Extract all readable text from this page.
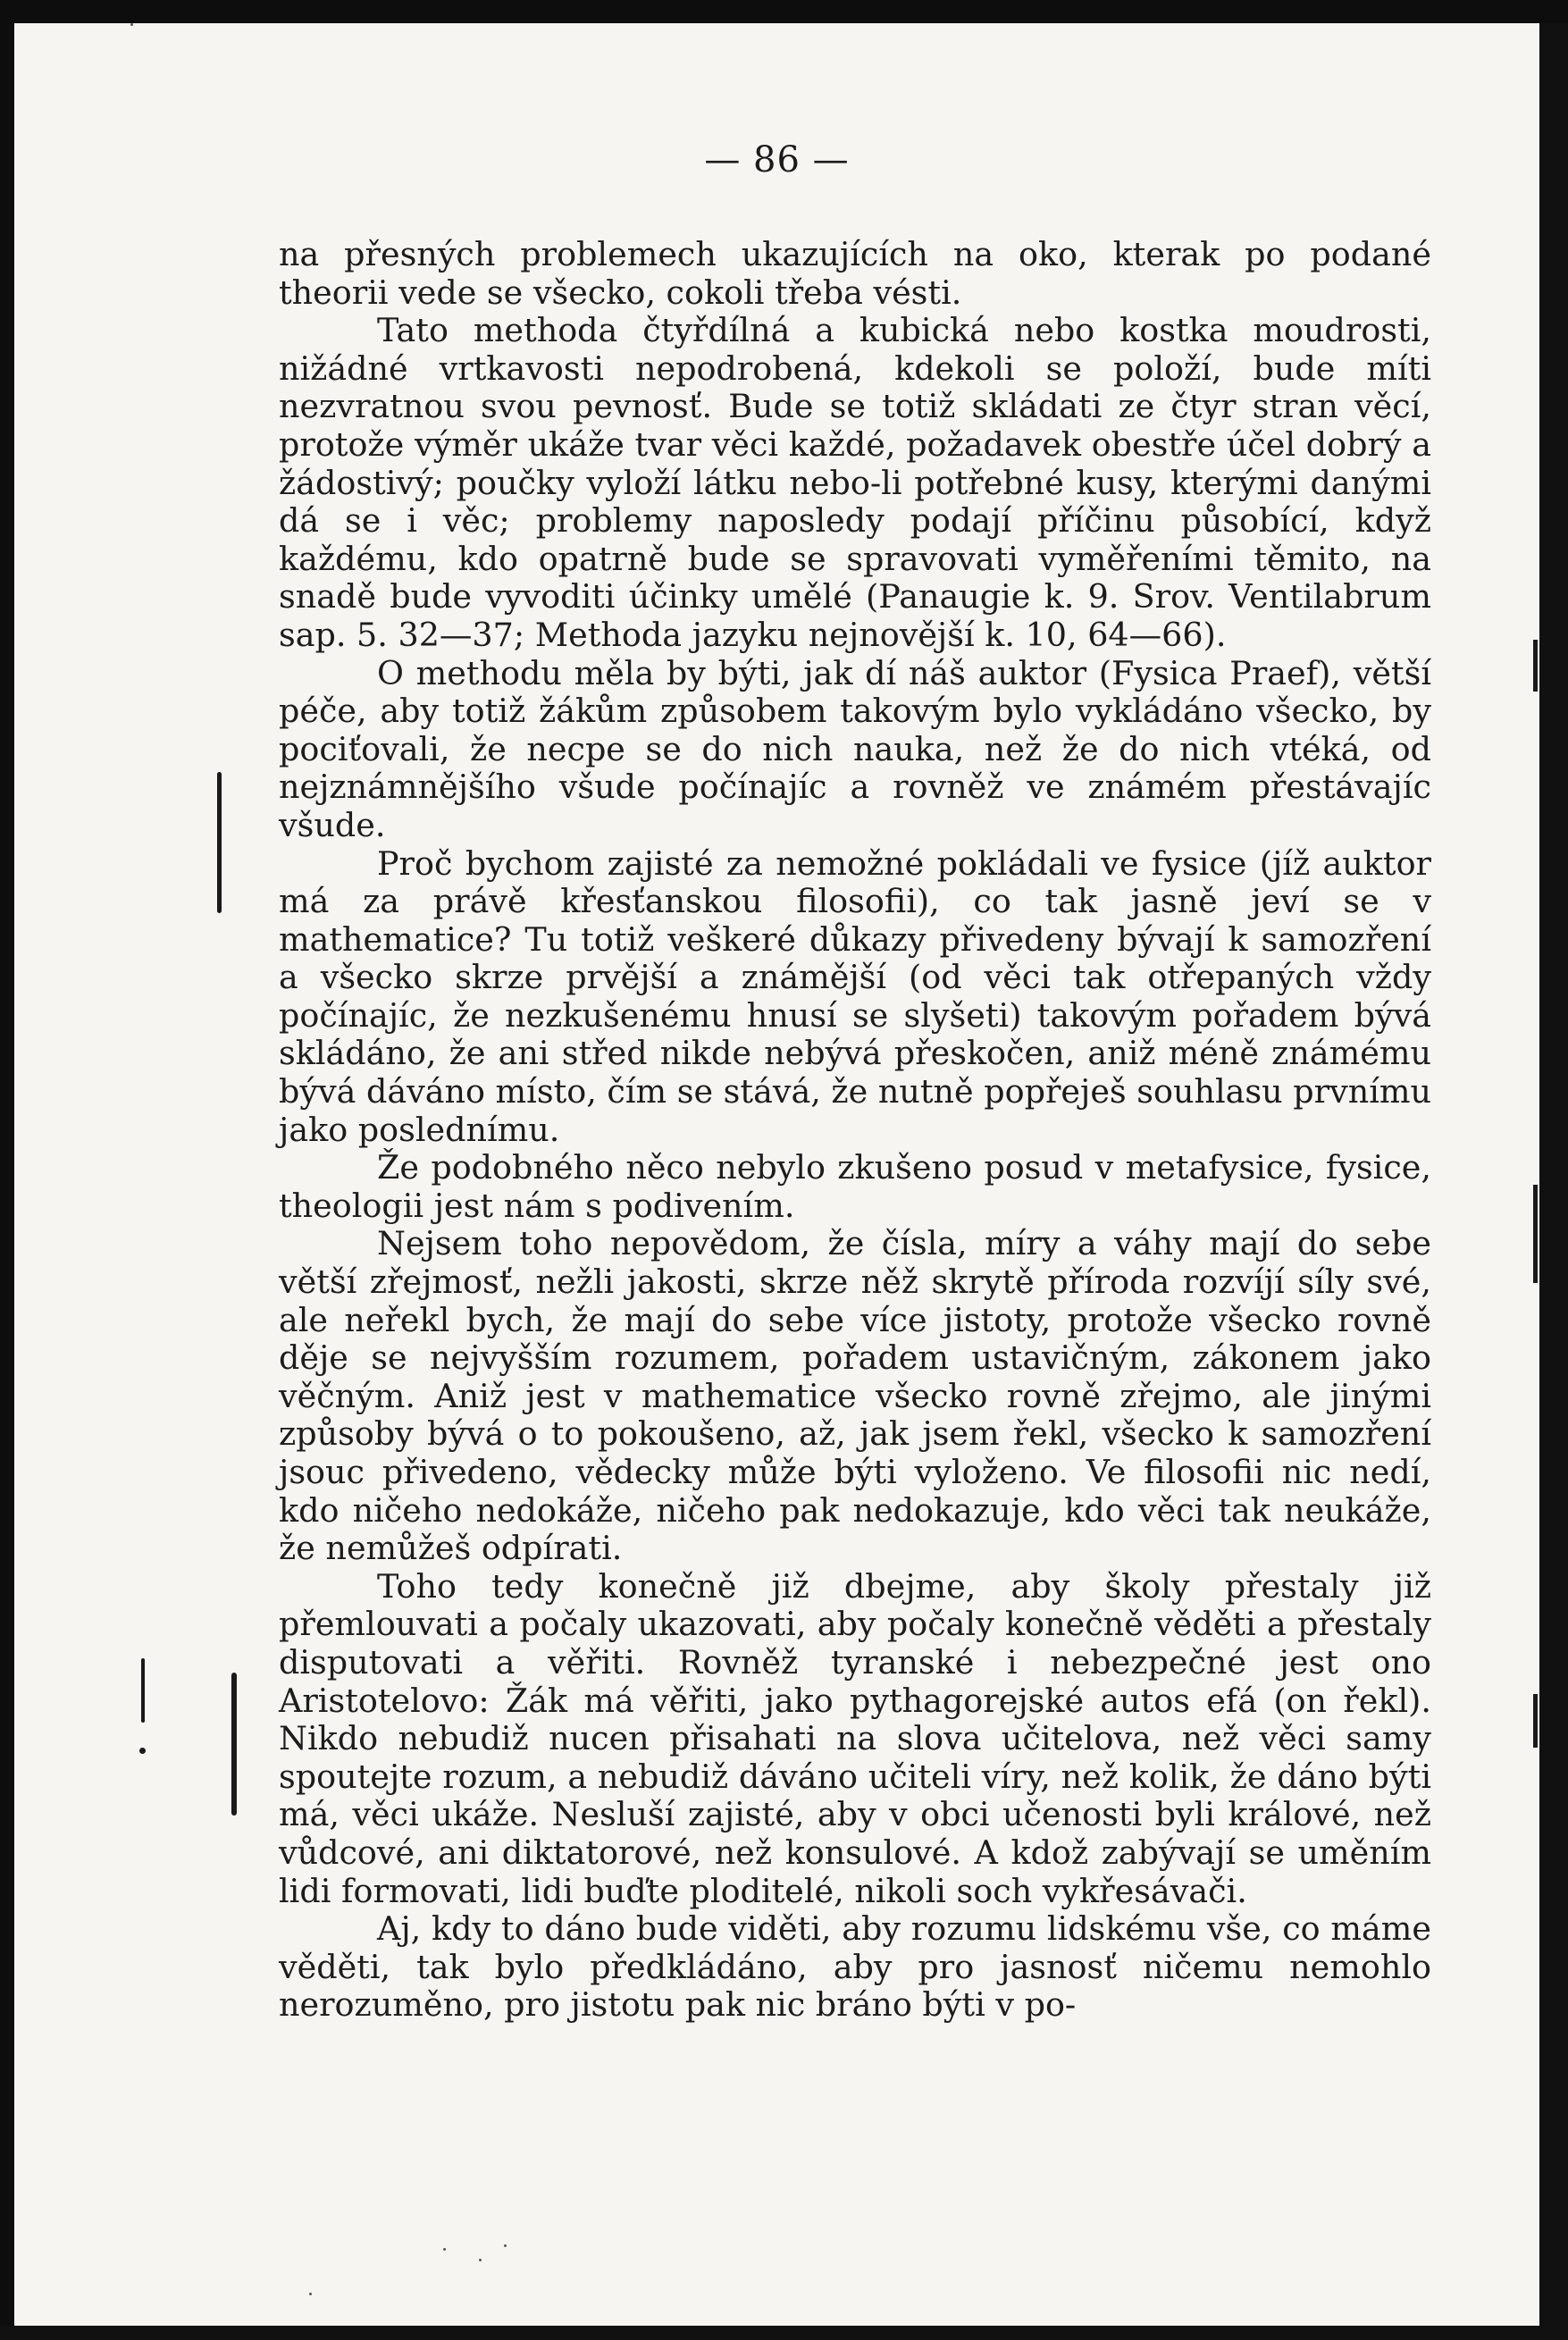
— 86 —

na přesných problemech ukazujících na oko, kterak po podané theorii vede se všecko, cokoli třeba vésti.

Tato methoda čtyřdílná a kubická nebo kostka moudrosti, nižádné vrtkavosti nepodrobená, kdekoli se položí, bude míti nezvratnou svou pevnosť. Bude se totiž skládati ze čtyr stran věcí, protože výměr ukáže tvar věci každé, požadavek obestře účel dobrý a žádostivý; poučky vyloží látku nebo-li potřebné kusy, kterými danými dá se i věc; problemy naposledy podají příčinu působící, když každému, kdo opatrně bude se spravovati vyměřeními těmito, na snadě bude vyvoditi účinky umělé (Panaugie k. 9. Srov. Ventilabrum sap. 5. 32—37; Methoda jazyku nejnovější k. 10, 64—66).

O methodu měla by býti, jak dí náš auktor (Fysica Praef), větší péče, aby totiž žákům způsobem takovým bylo vykládáno všecko, by pociťovali, že necpe se do nich nauka, než že do nich vtéká, od nejznámnějšího všude počínajíc a rovněž ve známém přestávajíc všude.

Proč bychom zajisté za nemožné pokládali ve fysice (jíž auktor má za právě křesťanskou filosofii), co tak jasně jeví se v mathematice? Tu totiž veškeré důkazy přivedeny bývají k samozření a všecko skrze prvější a známější (od věci tak otřepaných vždy počínajíc, že nezkušenému hnusí se slyšeti) takovým pořadem bývá skládáno, že ani střed nikde nebývá přeskočen, aniž méně známému bývá dáváno místo, čím se stává, že nutně popřeješ souhlasu prvnímu jako poslednímu.

Že podobného něco nebylo zkušeno posud v metafysice, fysice, theologii jest nám s podivením.

Nejsem toho nepovědom, že čísla, míry a váhy mají do sebe větší zřejmosť, nežli jakosti, skrze něž skrytě příroda rozvíjí síly své, ale neřekl bych, že mají do sebe více jistoty, protože všecko rovně děje se nejvyšším rozumem, pořadem ustavičným, zákonem jako věčným. Aniž jest v mathematice všecko rovně zřejmo, ale jinými způsoby bývá o to pokoušeno, až, jak jsem řekl, všecko k samozření jsouc přivedeno, vědecky může býti vyloženo. Ve filosofii nic nedí, kdo ničeho nedokáže, ničeho pak nedokazuje, kdo věci tak neukáže, že nemůžeš odpírati.

Toho tedy konečně již dbejme, aby školy přestaly již přemlouvati a počaly ukazovati, aby počaly konečně věděti a přestaly disputovati a věřiti. Rovněž tyranské i nebezpečné jest ono Aristotelovo: Žák má věřiti, jako pythagorejské autos efá (on řekl). Nikdo nebudiž nucen přisahati na slova učitelova, než věci samy spoutejte rozum, a nebudiž dáváno učiteli víry, než kolik, že dáno býti má, věci ukáže. Nesluší zajisté, aby v obci učenosti byli králové, než vůdcové, ani diktatorové, než konsulové. A kdož zabývají se uměním lidi formovati, lidi buďte ploditelé, nikoli soch vykřesávači.

Aj, kdy to dáno bude viděti, aby rozumu lidskému vše, co máme věděti, tak bylo předkládáno, aby pro jasnosť ničemu nemohlo nerozuměno, pro jistotu pak nic bráno býti v po-
